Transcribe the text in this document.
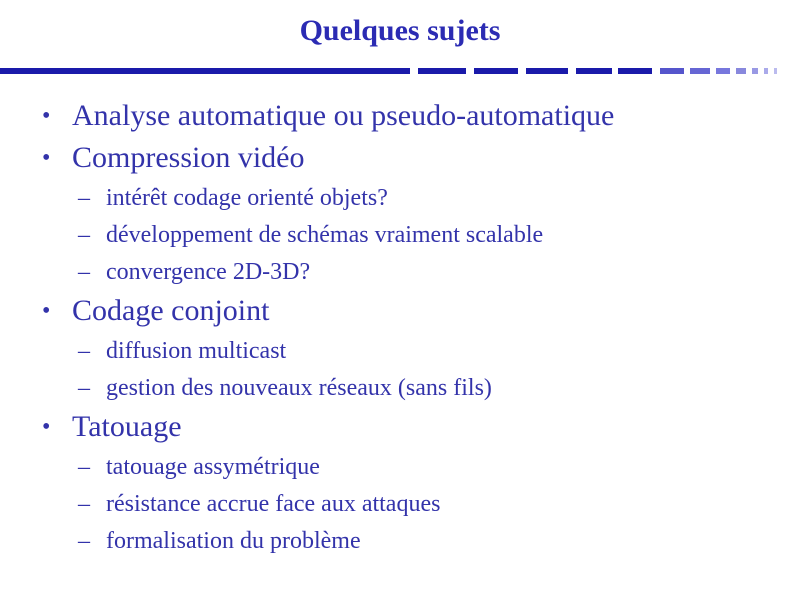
Quelques sujets
• Analyse automatique ou pseudo-automatique
• Compression vidéo
– intérêt codage orienté objets?
– développement de schémas vraiment scalable
– convergence 2D-3D?
• Codage conjoint
– diffusion multicast
– gestion des nouveaux réseaux (sans fils)
• Tatouage
– tatouage assymétrique
– résistance accrue face aux attaques
– formalisation du problème
